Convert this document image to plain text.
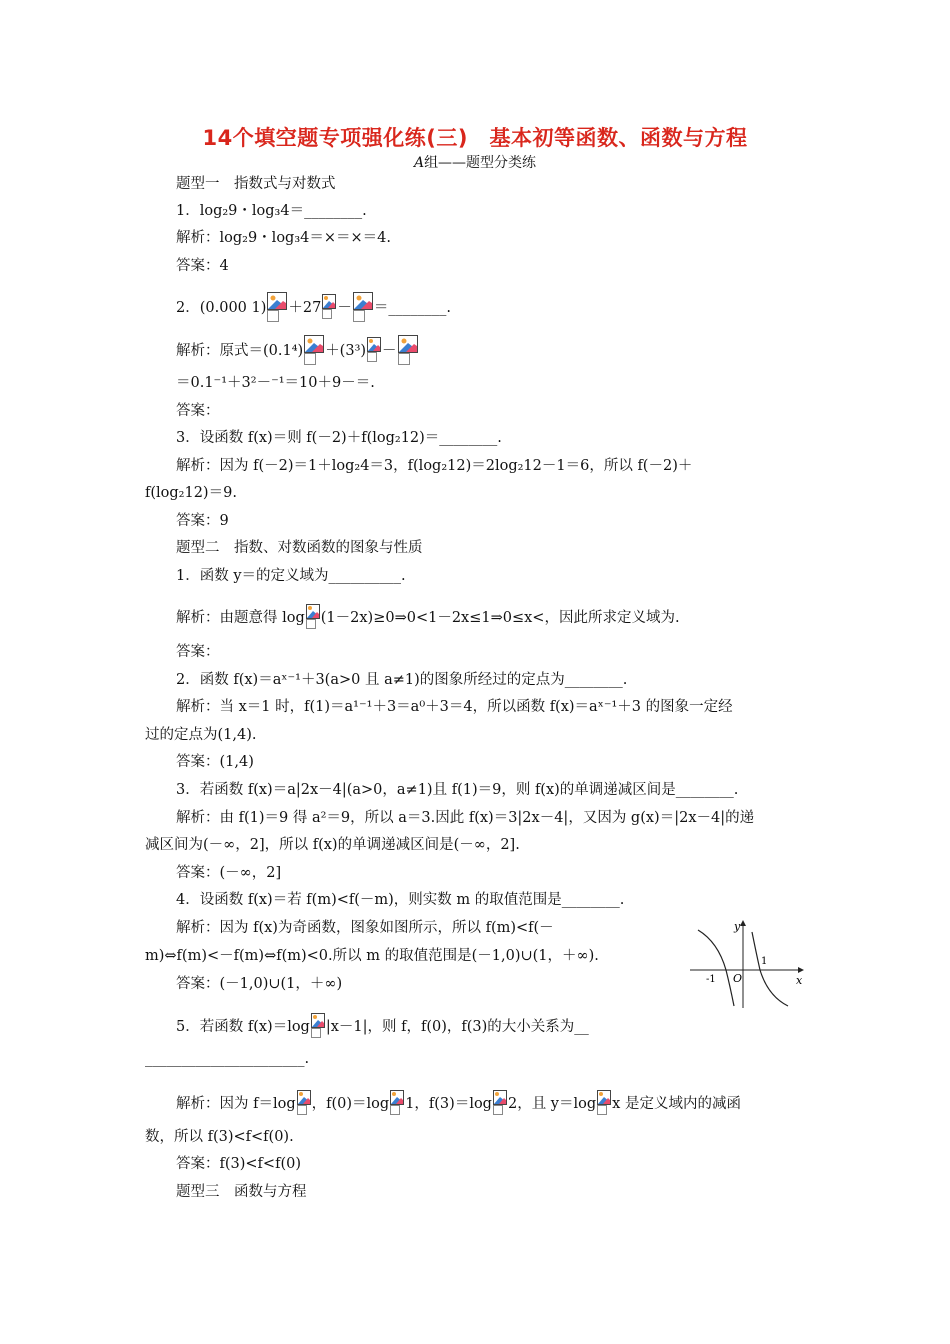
14个填空题专项强化练(三)　基本初等函数、函数与方程
A组——题型分类练
题型一　指数式与对数式
1．log₂9・log₃4＝________.
解析：log₂9・log₃4＝×＝×＝4.
答案：4
2．(0.000 1) ＋27 － ＝________.
解析：原式＝(0.1⁴) ＋(3³) －
＝0.1⁻¹＋3²－⁻¹＝10＋9－＝.
答案：
3．设函数 f(x)＝则 f(－2)＋f(log₂12)＝________.
解析：因为 f(－2)＝1＋log₂4＝3，f(log₂12)＝2log₂12－1＝6，所以 f(－2)＋
f(log₂12)＝9.
答案：9
题型二　指数、对数函数的图象与性质
1．函数 y＝的定义域为__________.
解析：由题意得 log (1－2x)≥0⇒0<1－2x≤1⇒0≤x<，因此所求定义域为.
答案：
2．函数 f(x)＝aˣ⁻¹＋3(a>0 且 a≠1)的图象所经过的定点为________.
解析：当 x＝1 时，f(1)＝a¹⁻¹＋3＝a⁰＋3＝4，所以函数 f(x)＝aˣ⁻¹＋3 的图象一定经
过的定点为(1,4).
答案：(1,4)
3．若函数 f(x)＝a|2x－4|(a>0，a≠1)且 f(1)＝9，则 f(x)的单调递减区间是________.
解析：由 f(1)＝9 得 a²＝9，所以 a＝3.因此 f(x)＝3|2x－4|，又因为 g(x)＝|2x－4|的递
减区间为(－∞，2]，所以 f(x)的单调递减区间是(－∞，2].
答案：(－∞，2]
4．设函数 f(x)＝若 f(m)<f(－m)，则实数 m 的取值范围是________.
解析：因为 f(x)为奇函数，图象如图所示，所以 f(m)<f(－
m)⇔f(m)<－f(m)⇔f(m)<0.所以 m 的取值范围是(－1,0)∪(1，＋∞).
答案：(－1,0)∪(1，＋∞)
y
x
O
-1
1
5．若函数 f(x)＝log |x－1|，则 f，f(0)，f(3)的大小关系为__
______________________.
解析：因为 f＝log ，f(0)＝log 1，f(3)＝log 2，且 y＝log x 是定义域内的减函
数，所以 f(3)<f<f(0).
答案：f(3)<f<f(0)
题型三　函数与方程
